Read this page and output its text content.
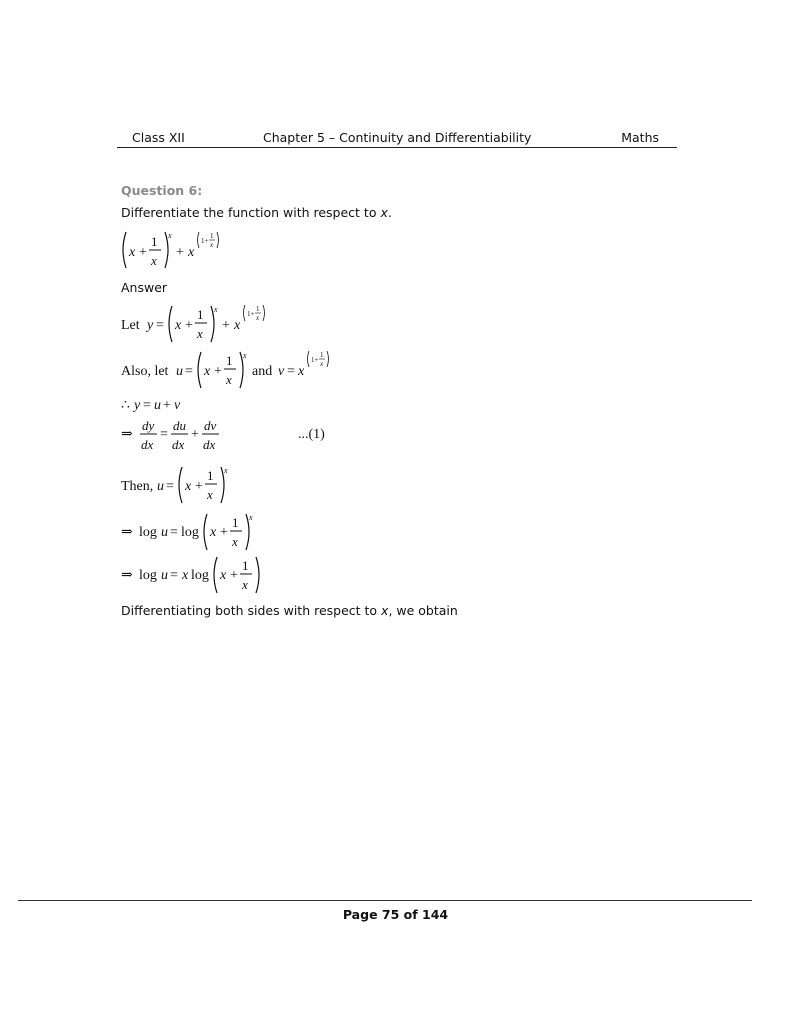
Class XII	Chapter 5 – Continuity and Differentiability	Maths
Question 6:
Differentiate the function with respect to x.
x +
1
x
x
+ x
1+
1
x
Answer
Let y = x +
1
x
x
+ x
1+
1
x
Also, let u = x +
1
x
x
and v = x
1+
1
x
∴ y = u + v
⇒
dy
dx
=
du
dx
+
dv
dx
...(1)
Then, u = x +
1
x
x
⇒ log u = log x +
1
x
x
⇒ log u = x log x +
1
x
Differentiating both sides with respect to x, we obtain
Page 75 of 144
